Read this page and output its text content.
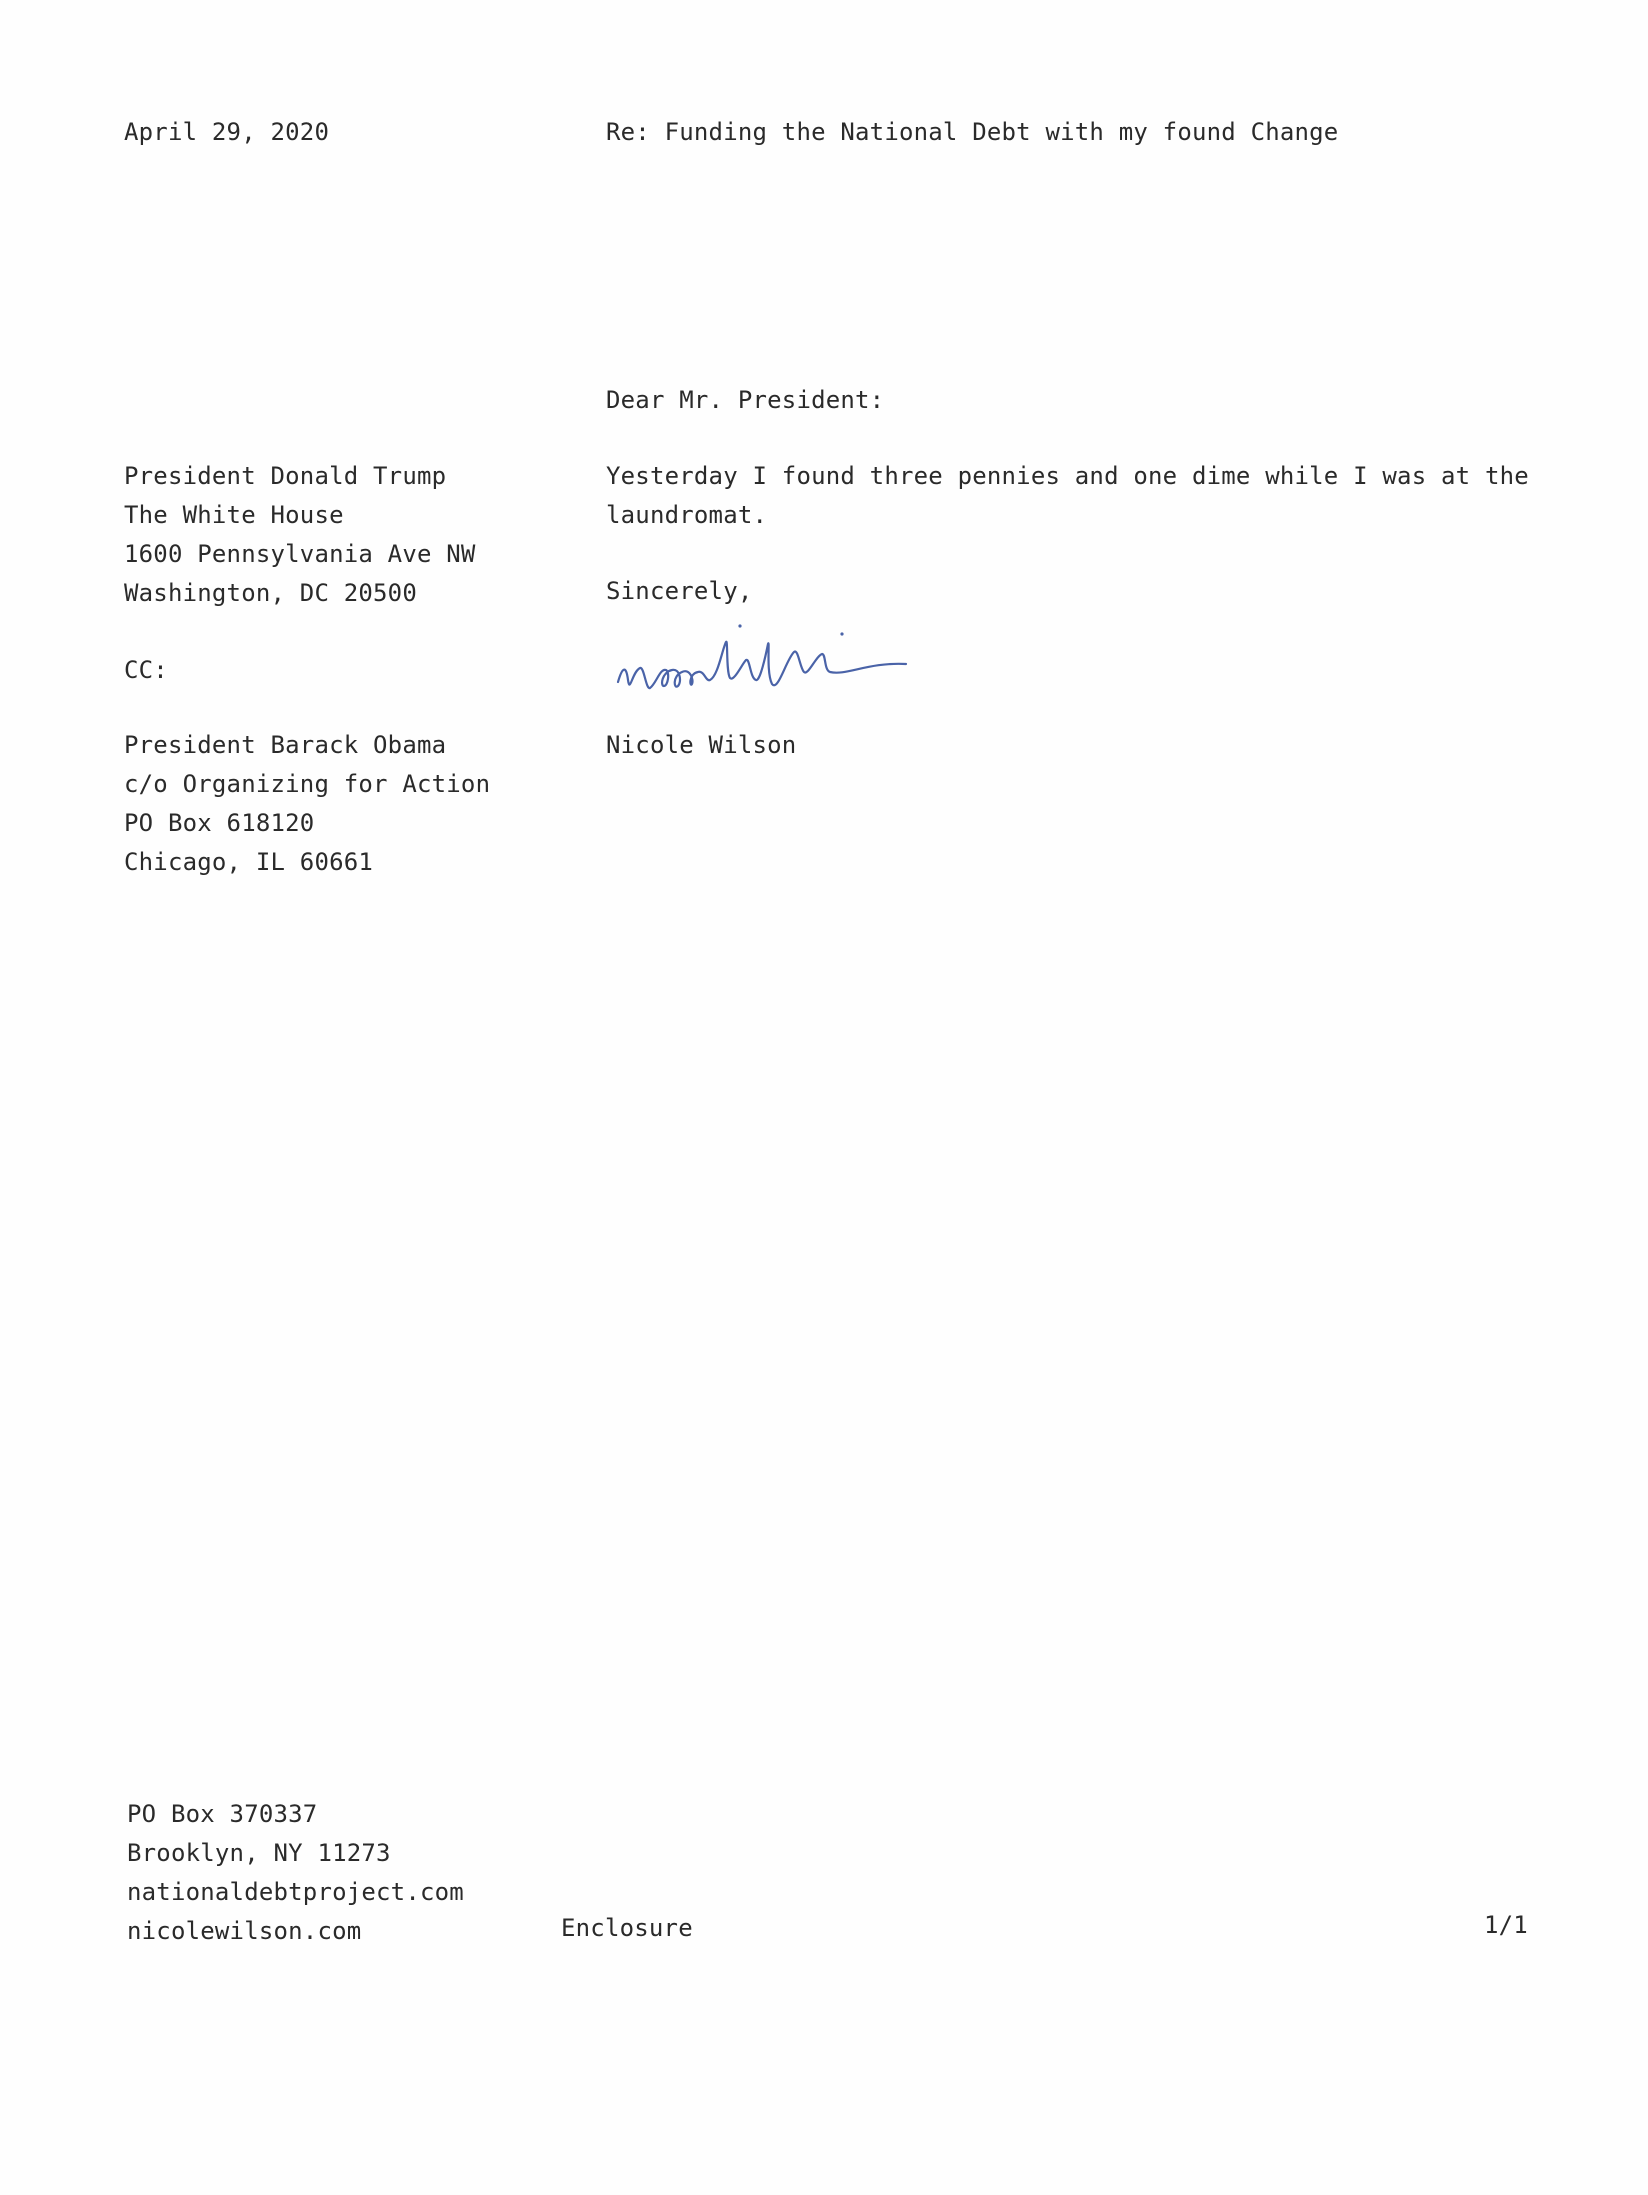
April 29, 2020	Re: Funding the National Debt with my found Change
Dear Mr. President:
President Donald Trump
The White House
1600 Pennsylvania Ave NW
Washington, DC 20500
Yesterday I found three pennies and one dime while I was at the
laundromat.
Sincerely,
CC:
Nicole Wilson
President Barack Obama
c/o Organizing for Action
PO Box 618120
Chicago, IL 60661
PO Box 370337
Brooklyn, NY 11273
nationaldebtproject.com
nicolewilson.com	Enclosure	1/1
